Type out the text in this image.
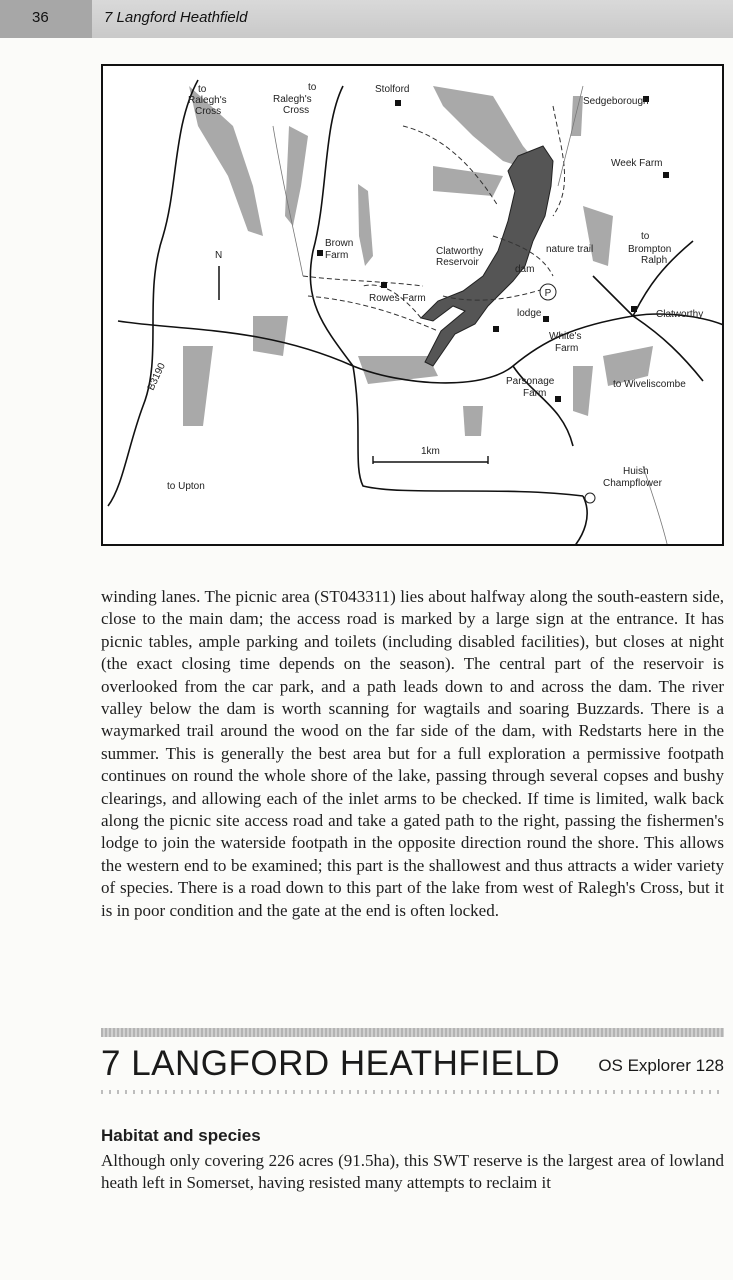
36	7 Langford Heathfield
P
N
1km
to
Ralegh's
Cross
to
Ralegh's
Cross
Stolford
Sedgeborough
Week Farm
Brown
Farm	Clatworthy
Reservoir
nature trail
dam
to
Brompton
Ralph
Rowes Farm
lodge
White's
Farm
Clatworthy
Parsonage
Farm
to Wiveliscombe
B3190
to Upton
Huish
Champflower

winding lanes. The picnic area (ST043311) lies about halfway along the south-eastern side, close to the main dam; the access road is marked by a large sign at the entrance. It has picnic tables, ample parking and toilets (including disabled facilities), but closes at night (the exact closing time depends on the season). The central part of the reservoir is overlooked from the car park, and a path leads down to and across the dam. The river valley below the dam is worth scanning for wagtails and soaring Buzzards. There is a waymarked trail around the wood on the far side of the dam, with Redstarts here in the summer. This is generally the best area but for a full exploration a permissive footpath continues on round the whole shore of the lake, passing through several copses and bushy clearings, and allowing each of the inlet arms to be checked. If time is limited, walk back along the picnic site access road and take a gated path to the right, passing the fishermen's lodge to join the waterside footpath in the opposite direction round the shore. This allows the western end to be examined; this part is the shallowest and thus attracts a wider variety of species. There is a road down to this part of the lake from west of Ralegh's Cross, but it is in poor condition and the gate at the end is often locked.

7 LANGFORD HEATHFIELD OS Explorer 128
Habitat and species

Although only covering 226 acres (91.5ha), this SWT reserve is the largest area of lowland heath left in Somerset, having resisted many attempts to reclaim it
